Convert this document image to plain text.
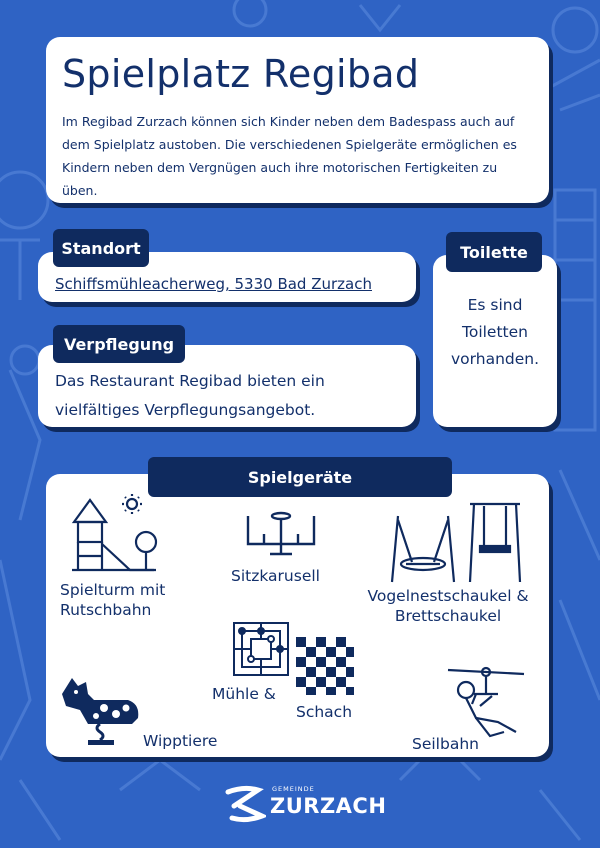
Spielplatz Regibad
Im Regibad Zurzach können sich Kinder neben dem Badespass auch auf dem Spielplatz austoben. Die verschiedenen Spielgeräte ermöglichen es Kindern neben dem Vergnügen auch ihre motorischen Fertigkeiten zu üben.
Standort
Schiffsmühleacherweg, 5330 Bad Zurzach
Verpflegung
Das Restaurant Regibad bieten ein
vielfältiges Verpflegungsangebot.
Toilette
Es sind
Toiletten
vorhanden.
Spielgeräte
Spielturm mit
Rutschbahn
Sitzkarusell
Vogelnestschaukel &
Brettschaukel
Mühle &
Schach
Wipptiere	Seilbahn
GEMEINDE
ZURZACH
